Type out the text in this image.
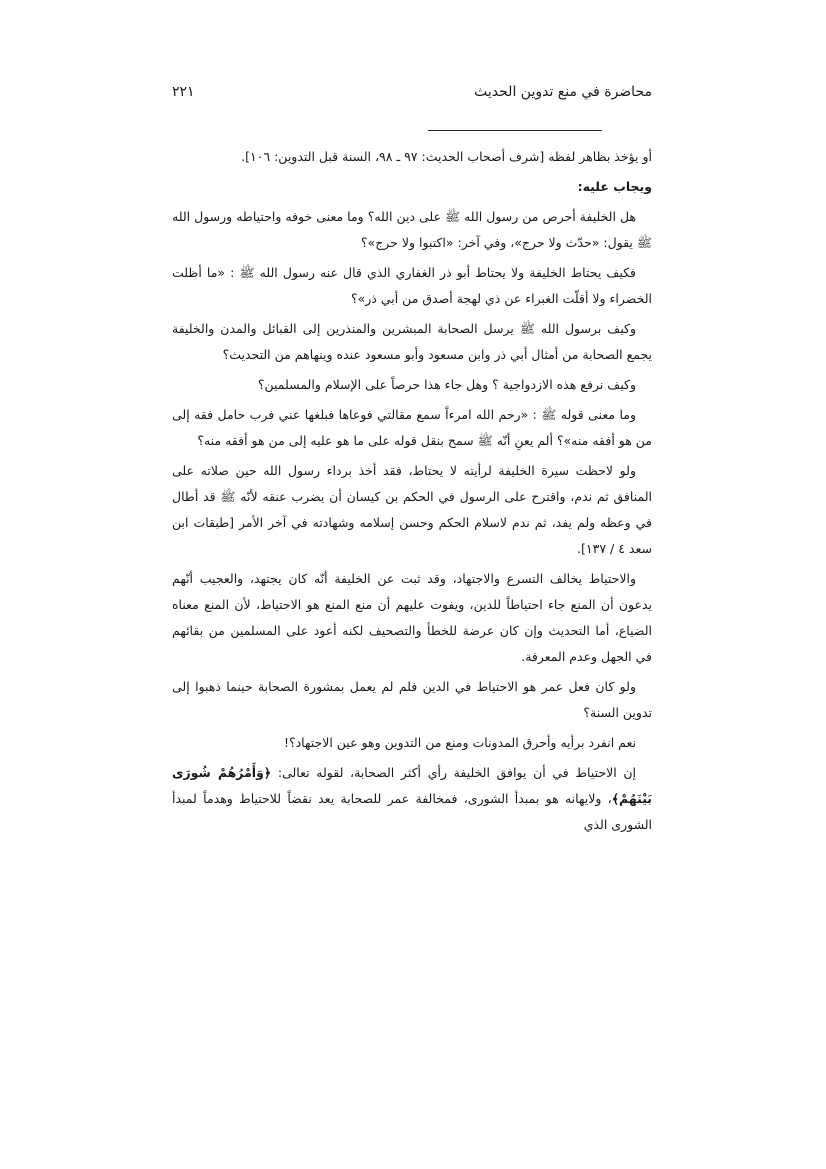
محاضرة في منع تدوين الحديث
٢٢١

أو يؤخذ بظاهر لفظه [شرف أصحاب الحديث: ٩٧ ـ ٩٨، السنة قبل التدوين: ١٠٦].

ويجاب عليه:

هل الخليفة أحرص من رسول الله ﷺ على دين الله؟ وما معنى خوفه واحتياطه ورسول الله ﷺ يقول: «حدّث ولا حرج»، وفي آخر: «اكتبوا ولا حرج»؟

فكيف يحتاط الخليفة ولا يحتاط أبو ذر الغفاري الذي قال عنه رسول الله ﷺ : «ما أظلت الخضراء ولا أقلّت الغبراء عن ذي لهجة أصدق من أبي ذر»؟

وكيف برسول الله ﷺ يرسل الصحابة المبشرين والمنذرين إلى القبائل والمدن والخليفة يجمع الصحابة من أمثال أبي ذر وابن مسعود وأبو مسعود عنده وينهاهم من التحديث؟

وكيف نرفع هذه الازدواجية ؟ وهل جاء هذا حرصاً على الإسلام والمسلمين؟

وما معنى قوله ﷺ : «رحم الله امرءاً سمع مقالتي فوعاها فبلغها عني فرب حامل فقه إلى من هو أفقه منه»؟ ألم يعنِ أنّه ﷺ سمح بنقل قوله على ما هو عليه إلى من هو أفقه منه؟

ولو لاحظت سيرة الخليفة لرأيته لا يحتاط، فقد أخذ برداء رسول الله حين صلاته على المنافق ثم ندم، واقترح على الرسول في الحكم بن كيسان أن يضرب عنقه لأنّه ﷺ قد أطال في وعظه ولم يفد، ثم ندم لاسلام الحكم وحسن إسلامه وشهادته في آخر الأمر [طبقات ابن سعد ٤ / ١٣٧].

والاحتياط يخالف التسرع والاجتهاد، وقد ثبت عن الخليفة أنّه كان يجتهد، والعجيب أنّهم يدعون أن المنع جاء احتياطاً للدين، ويفوت عليهم أن منع المنع هو الاحتياط، لأن المنع معناه الضياع، أما التحديث وإن كان عرضة للخطأ والتصحيف لكنه أعود على المسلمين من بقائهم في الجهل وعدم المعرفة.

ولو كان فعل عمر هو الاحتياط في الدين فلم لم يعمل بمشورة الصحابة حينما ذهبوا إلى تدوين السنة؟

نعم انفرد برأيه وأحرق المدونات ومنع من التدوين وهو عين الاجتهاد؟!

إن الاحتياط في أن يوافق الخليفة رأي أكثر الصحابة، لقوله تعالى: ﴿وَأَمْرُهُمْ شُورَى بَيْنَهُمْ﴾، ولايهانه هو بمبدأ الشورى، فمخالفة عمر للصحابة يعد نقضاً للاحتياط وهدماً لمبدأ الشورى الذي
